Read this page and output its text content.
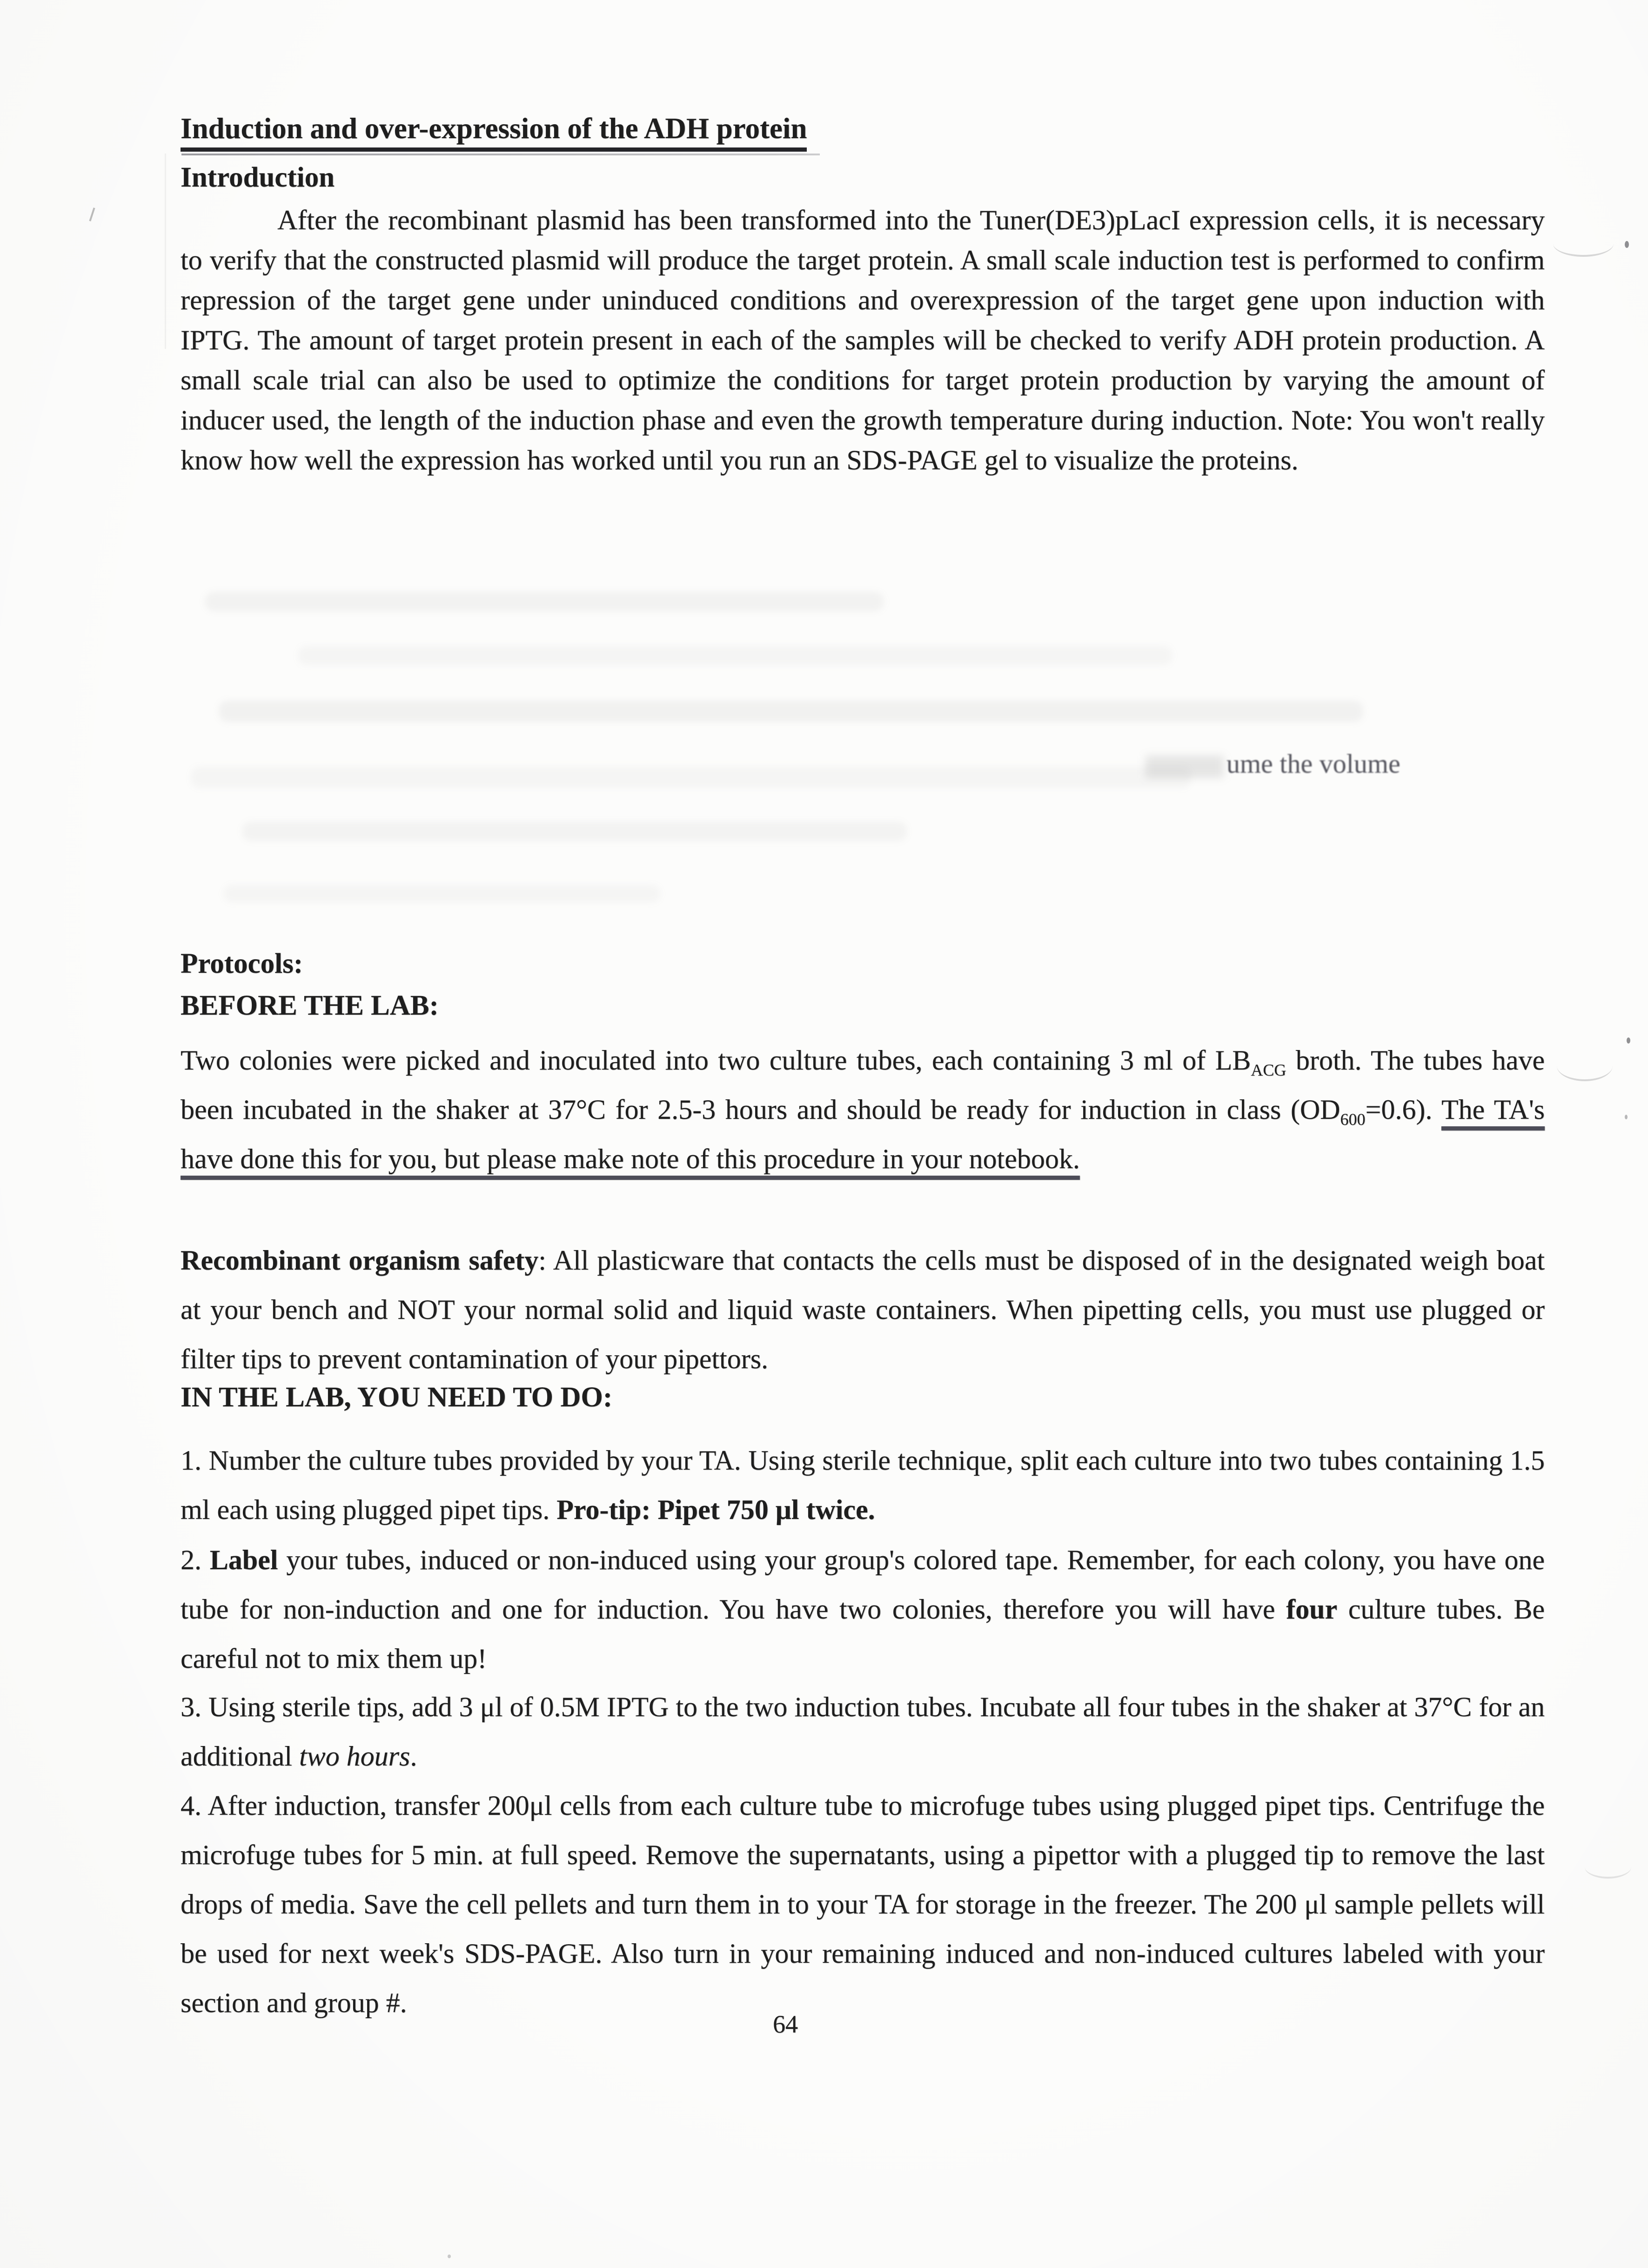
Induction and over-expression of the ADH protein
Introduction

After the recombinant plasmid has been transformed into the Tuner(DE3)pLacI expression cells, it is necessary to verify that the constructed plasmid will produce the target protein. A small scale induction test is performed to confirm repression of the target gene under uninduced conditions and overexpression of the target gene upon induction with IPTG. The amount of target protein present in each of the samples will be checked to verify ADH protein production. A small scale trial can also be used to optimize the conditions for target protein production by varying the amount of inducer used, the length of the induction phase and even the growth temperature during induction. Note: You won't really know how well the expression has worked until you run an SDS-PAGE gel to visualize the proteins.

ume the volume
Protocols:
BEFORE THE LAB:

Two colonies were picked and inoculated into two culture tubes, each containing 3 ml of $LB_{ACG}$ broth. The tubes have been incubated in the shaker at 37°C for 2.5-3 hours and should be ready for induction in class $(OD_{600}=0.6)$. The TA's have done this for you, but please make note of this procedure in your notebook.

Recombinant organism safety: All plasticware that contacts the cells must be disposed of in the designated weigh boat at your bench and NOT your normal solid and liquid waste containers. When pipetting cells, you must use plugged or filter tips to prevent contamination of your pipettors.

IN THE LAB, YOU NEED TO DO:

1. Number the culture tubes provided by your TA. Using sterile technique, split each culture into two tubes containing 1.5 ml each using plugged pipet tips. Pro-tip: Pipet 750 μl twice.

2. Label your tubes, induced or non-induced using your group's colored tape. Remember, for each colony, you have one tube for non-induction and one for induction. You have two colonies, therefore you will have four culture tubes. Be careful not to mix them up!

3. Using sterile tips, add 3 μl of 0.5M IPTG to the two induction tubes. Incubate all four tubes in the shaker at 37°C for an additional two hours.

4. After induction, transfer 200μl cells from each culture tube to microfuge tubes using plugged pipet tips. Centrifuge the microfuge tubes for 5 min. at full speed. Remove the supernatants, using a pipettor with a plugged tip to remove the last drops of media. Save the cell pellets and turn them in to your TA for storage in the freezer. The 200 μl sample pellets will be used for next week's SDS-PAGE. Also turn in your remaining induced and non-induced cultures labeled with your section and group #.

64
